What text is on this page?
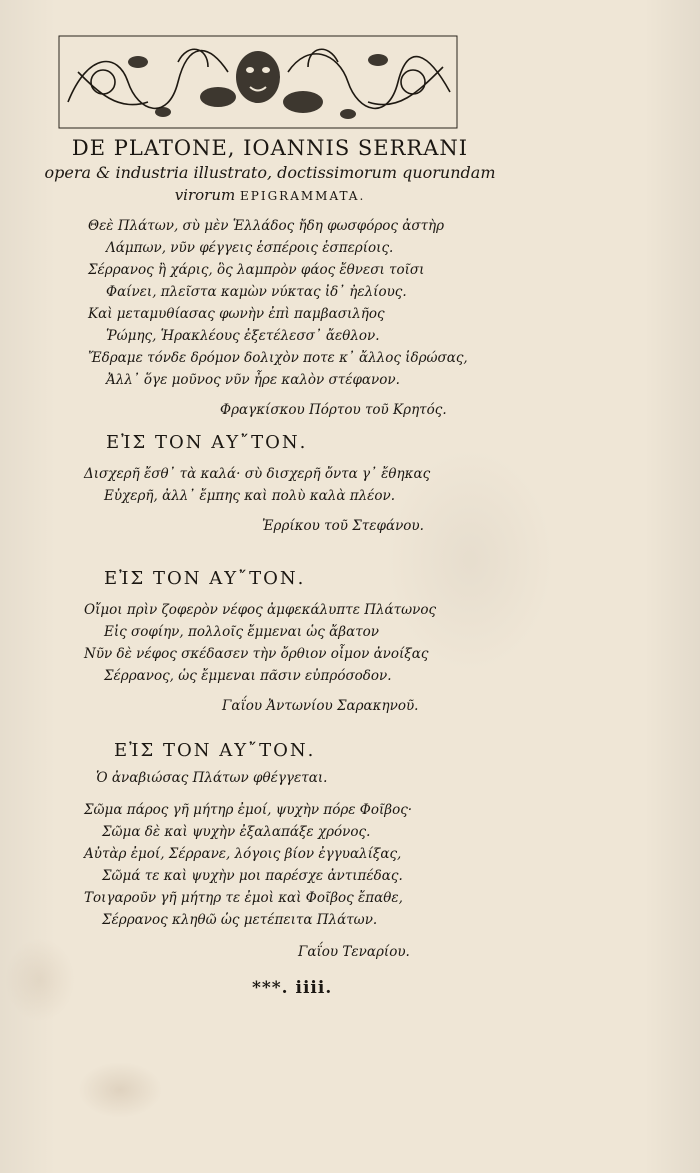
DE PLATONE, IOANNIS SERRANI
opera & industria illustrato, doctissimorum quorundam
virorum EPIGRAMMATA.
Θεὲ Πλάτων, σὺ μὲν Ἑλλάδος ἤδη φωσφόρος ἀστὴρ
Λάμπων, νῦν φέγγεις ἑσπέροις ἑσπερίοις.
Σέρρανος ἢ χάρις, ὃς λαμπρὸν φάος ἔθνεσι τοῖσι
Φαίνει, πλεῖστα καμὼν νύκτας ἰδ᾽ ἠελίους.
Καὶ μεταμυθίασας φωνὴν ἐπὶ παμβασιλῆος
Ῥώμης, Ἡρακλέους ἐξετέλεσσ᾽ ἄεθλον.
Ἔδραμε τόνδε δρόμον δολιχὸν ποτε κ᾽ ἄλλος ἱδρώσας,
Ἀλλ᾽ ὅγε μοῦνος νῦν ἦρε καλὸν στέφανον.
Φραγκίσκου Πόρτου τοῦ Κρητός.
ΕἸΣ ΤΟΝ ΑΥ῎ΤΟΝ.
Δισχερῆ ἔσθ᾽ τὰ καλά· σὺ δισχερῆ ὄντα γ᾽ ἔθηκας
Εὐχερῆ, ἀλλ᾽ ἔμπης καὶ πολὺ καλὰ πλέον.
Ἐρρίκου τοῦ Στεφάνου.
ΕἸΣ ΤΟΝ ΑΥ῎ΤΟΝ.
Οἴμοι πρὶν ζοφερὸν νέφος ἀμφεκάλυπτε Πλάτωνος
Εἰς σοφίην, πολλοῖς ἔμμεναι ὡς ἄβατον
Νῦν δὲ νέφος σκέδασεν τὴν ὄρθιον οἶμον ἀνοίξας
Σέρρανος, ὡς ἔμμεναι πᾶσιν εὐπρόσοδον.
Γαΐου Ἀντωνίου Σαρακηνοῦ.
ΕἸΣ ΤΟΝ ΑΥ῎ΤΟΝ.
Ὁ ἀναβιώσας Πλάτων φθέγγεται.
Σῶμα πάρος γῆ μήτηρ ἐμοί, ψυχὴν πόρε Φοῖβος·
Σῶμα δὲ καὶ ψυχὴν ἐξαλαπάξε χρόνος.
Αὐτὰρ ἐμοί, Σέρρανε, λόγοις βίον ἐγγυαλίξας,
Σῶμά τε καὶ ψυχὴν μοι παρέσχε ἀντιπέδας.
Τοιγαροῦν γῆ μήτηρ τε ἐμοὶ καὶ Φοῖβος ἔπαθε,
Σέρρανος κληθῶ ὡς μετέπειτα Πλάτων.
Γαΐου Τεναρίου.
***. iiii.
